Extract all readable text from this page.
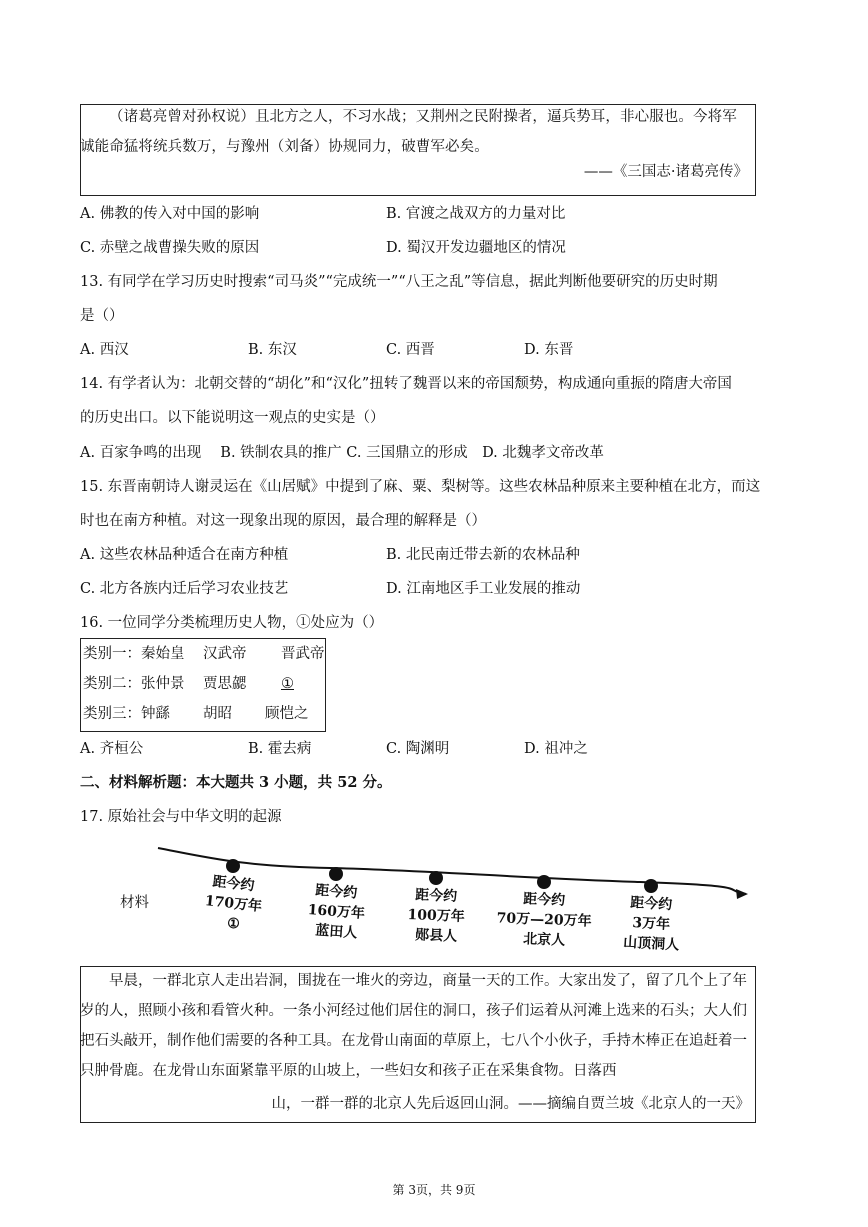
（诸葛亮曾对孙权说）且北方之人，不习水战；又荆州之民附操者，逼兵势耳，非心服也。今将军诚能命猛将统兵数万，与豫州（刘备）协规同力，破曹军必矣。
——《三国志·诸葛亮传》
A. 佛教的传入对中国的影响	B. 官渡之战双方的力量对比
C. 赤壁之战曹操失败的原因	D. 蜀汉开发边疆地区的情况
13. 有同学在学习历史时搜索“司马炎”“完成统一”“八王之乱”等信息，据此判断他要研究的历史时期
是（）
A. 西汉	B. 东汉	C. 西晋	D. 东晋
14. 有学者认为：北朝交替的“胡化”和“汉化”扭转了魏晋以来的帝国颓势，构成通向重振的隋唐大帝国
的历史出口。以下能说明这一观点的史实是（）
A. 百家争鸣的出现　 B. 铁制农具的推广 C. 三国鼎立的形成　D. 北魏孝文帝改革
15. 东晋南朝诗人谢灵运在《山居赋》中提到了麻、粟、梨树等。这些农林品种原来主要种植在北方，而这
时也在南方种植。对这一现象出现的原因，最合理的解释是（）
A. 这些农林品种适合在南方种植	B. 北民南迁带去新的农林品种
C. 北方各族内迁后学习农业技艺	D. 江南地区手工业发展的推动
16. 一位同学分类梳理历史人物，①处应为（）
类别一：秦始皇 汉武帝 晋武帝
类别二：张仲景 贾思勰 ①
类别三：钟繇 胡昭 顾恺之
A. 齐桓公	B. 霍去病	C. 陶渊明	D. 祖冲之
二、材料解析题：本大题共 3 小题，共 52 分。
17. 原始社会与中华文明的起源
材料
距今约
170万年
①
距今约
160万年
蓝田人
距今约
100万年
郧县人
距今约
70万—20万年
北京人
距今约
3万年
山顶洞人
早晨，一群北京人走出岩洞，围拢在一堆火的旁边，商量一天的工作。大家出发了，留了几个上了年岁的人，照顾小孩和看管火种。一条小河经过他们居住的洞口，孩子们运着从河滩上选来的石头；大人们把石头敲开，制作他们需要的各种工具。在龙骨山南面的草原上，七八个小伙子，手持木棒正在追赶着一只肿骨鹿。在龙骨山东面紧靠平原的山坡上，一些妇女和孩子正在采集食物。日落西
山，一群一群的北京人先后返回山洞。——摘编自贾兰坡《北京人的一天》
第 3页，共 9页
